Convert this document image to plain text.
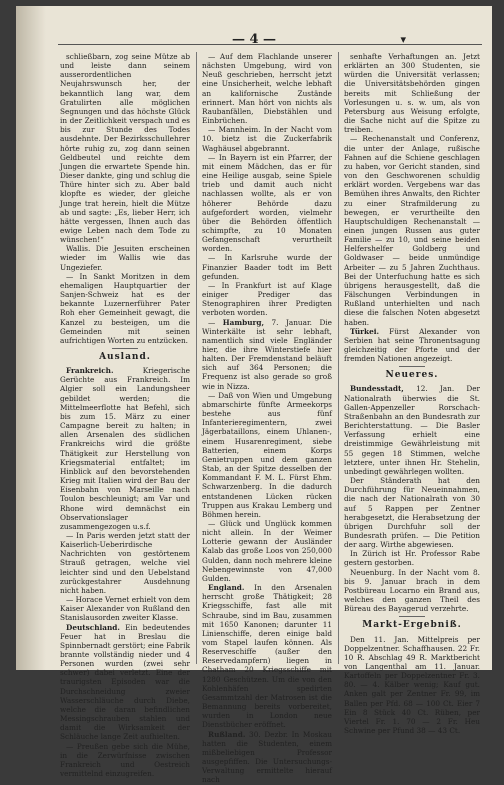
— 4 —	▾

schließbarn, zog seine Mütze ab und leiste dann seinem ausserordentlichen Neujahrswunsch her, der bekanntlich lang war, dem Gratulirten alle möglichen Segnungen und das höchste Glück in der Zeitlichkeit verspach und es bis zur Stunde des Todes ausdehnte. Der Bezirksschullehrer hörte ruhig zu, zog dann seinen Geldbeutel und reichte dem Jungen die erwartete Spende hin. Dieser dankte, ging und schlug die Thüre hinter sich zu. Aber bald klopfte es wieder, der gleiche Junge trat herein, hielt die Mütze ab und sagte: „Es, lieber Herr, ich hätte vergessen, Ihnen auch das ewige Leben nach dem Tode zu wünschen!“

Wallis. Die Jesuiten erscheinen wieder im Wallis wie das Ungeziefer.

— In Sankt Moritzen in dem ehemaligen Hauptquartier der Sanjen-Schweiz hat es der bekannte Luzernerführer Pater Roh eher Gemeinheit gewagt, die Kanzel zu besteigen, um die Gemeinden mit seinen aufrichtigen Worten zu entzücken.

Ausland.

Frankreich.	Kriegerische Gerüchte aus Frankreich. Im Algier soll ein Landungsheer gebildet werden; die Mittelmeerflotte hat Befehl, sich bis zum 15. März zu einer Campagne bereit zu halten; in allen Arsenalen des südlichen Frankreichs wird die größte Thätigkeit zur Herstellung von Kriegsmaterial entfaltet; im Hinblick auf den bevorstehenden Krieg mit Italien wird der Bau der Eisenbahn von Marseille nach Toulon beschleunigt; am Var und Rhone wird demnächst ein Observationslager zusammengezogen u.s.f.

— In Paris werden jetzt statt der Kaiserlich-Ueberirdische Nachrichten von gestörtenem Strauß getragen, welche viel leichter sind und den Uebelstand zurückgestahrer Ausdehnung nicht haben.

— Horace Vernet erhielt von dem Kaiser Alexander von Rußland den Stanislausorden zweiter Klasse.

Deutschland. Ein bedeutendes Feuer hat in Breslau die Spinnbernadt gerstört; eine Fabrik brannte vollständig nieder und 4 Personen wurden (zwei sehr schwer) dabei verletzt. Eine der traurigsten Episoden war die Durchschneidung zweier Wasserschläuche durch Diebe, welche die daran befindlichen Messingschrauben stahlen und damit die Wirksamkeit der Schläuche lange Zeit aufhielten.

— Preußen gebe sich die Mühe, in die Zerwürfnisse zwischen Frankreich und Oestreich vermittelnd einzugreifen.

— Auf dem Flachlande unserer nächsten Umgebung, wird von Neuß geschrieben, herrscht jetzt eine Unsicherheit, welche lebhaft an kalifornische Zustände erinnert. Man hört von nichts als Raubanfällen, Diebstählen und Einbrüchen.

— Mannheim. In der Nacht vom 10. bietz ist die Zuckerfabrik Waghäusel abgebrannt.

— In Bayern ist ein Pfarrer, der mit einem Mädchen, das er für eine Heilige ausgab, seine Spiele trieb und damit auch nicht nachlassen wollte, als er von höherer Behörde dazu aufgefordert worden, vielmehr über die Behörden öffentlich schimpfte, zu 10 Monaten Gefangenschaft verurtheilt worden.

— In Karlsruhe wurde der Finanzier Baader todt im Bett gefunden.

— In Frankfurt ist auf Klage einiger Prediger das Stenographiren ihrer Predigten verboten worden.

— Hamburg, 7. Januar. Die Winterkälte ist sehr lebhaft, namentlich sind viele Engländer hier, die ihre Winterstiefe hier halten. Der Fremdenstand beläuft sich auf 364 Personen; die Frequenz ist also gerade so groß wie in Nizza.

— Daß von Wien und Umgebung abmarschirte fünfte Armeekorps bestehe aus fünf Infanterieregimentern, zwei Jägerbataillons, einem Uhlanen-, einem Husarenregiment, siebe Batterien, einem Korps Genietruppen und dem ganzen Stab, an der Spitze desselben der Kommandant F. M. L. Fürst Ehm. Schwarzenberg. In die dadurch entstandenen Lücken rücken Truppen aus Krakau Lemberg und Böhmen herein.

— Glück und Unglück kommen nicht allein. In der Weimer Lotterie gewann der Ausländer Kalab das große Loos von 250,000 Gulden, dann noch mehrere kleine Nebengewinnste von 47,000 Gulden.

England. In den Arsenalen herrscht große Thätigkeit; 28 Kriegsschiffe, fast alle mit Schraube, sind im Bau, zusammen mit 1650 Kanonen; darunter 11 Linienschiffe, deren einige bald vom Stapel laufen können. Als Reserveschiffe (außer den Reservedampfern) liegen in Chatham 20 Kriegsschiffe mit 1280 Geschützen. Um die von den Kohlenhäfen spedirten Gesammtzahl der Matrosen ist die Bemannung bereits vorbereitet, wurden in London neue Dienstbücher eröffnet.

Rußland. 30. Dezbr. In Moskau hatten die Studenten, einem mißbeliebigen Professor ausgepfiffen. Die Untersuchungs-Verwaltung ermittelte hierauf nach

senhafte Verhaftungen an. Jetzt erklärten an 300 Studenten, sie würden die Universität verlassen; die Universitätsbehörden gingen bereits mit Schließung der Vorlesungen u. s. w. um, als von Petersburg aus Weisung erfolgte, die Sache nicht auf die Spitze zu treiben.

— Rechenanstalt und Conferenz, die unter der Anlage, rußische Fahnen auf die Schiene geschlagen zu haben, vor Gericht standen, sind von den Geschworenen schuldig erklärt worden. Vergebens war das Bemühen ihres Anwalts, den Richter zu einer Strafmilderung zu bewegen, er verurtheilte den Hauptschuldigen Rechenanstalt — einen jungen Russen aus guter Familie — zu 10, und seine beiden Helfershelfer Goldberg und Goldwaser — beide unmündige Arbeiter — zu 5 Jahren Zuchthaus. Bei der Unterfuchung hatte es sich übrigens herausgestellt, daß die Fälschungen Verbindungen in Rußland unterhielten und nach diese die falschen Noten abgesetzt haben.

Türkei. Fürst Alexander von Serbien hat seine Thronentsagung gleichzeitig der Pforte und der fremden Nationen angezeigt.

Neueres.

Bundesstadt, 12. Jan. Der Nationalrath überwies die St. Gallen-Appenzeller Rorschach-Straßenbahn an den Bundesrath zur Berichterstattung. — Die Basler Verfassung erhielt eine dreistimmige Gewährleistung mit 55 gegen 18 Stimmen, welche letztere, unter ihnen Hr. Stehelin, unbedingt gewährlegen wollten.

Der Ständerath hat den Durchführung für Neueinnahmen, die nach der Nationalrath von 30 auf 5 Rappen per Zentner herabgesetzt, die Herabsetzung der übrigen Durchfuhr soll der Bundesrath prüfen. — Die Petition der aarg. Wirthe abgewiesen.

In Zürich ist Hr. Professor Rabe gestern gestorben.

Neuenburg. In der Nacht vom 8. bis 9. Januar brach in dem Postbüreau Locarno ein Brand aus, welches den ganzen Theil des Büreau des Bayagerud verzehrte.

Markt-Ergebniß.

Den 11. Jan. Mittelpreis per Doppelzentner. Schaffhausen. 22 Fr. 10 R. Abschlag 49 R. Marktbericht von Langenthal am 11. Januar. Kartoffeln per Doppelzentner Fr. 3. 80. — 4. Kälber wenig; Kauf gut. Anken galt per Zentner Fr. 99, im Ballen per Pfd. 68 — 100 Ct. Eier 7 Ein 8 Stück 40 Ct. Rüben, per Viertel Fr. 1. 70 — 2 Fr. Heu Schwine per Pfund 38 — 43 Ct.
